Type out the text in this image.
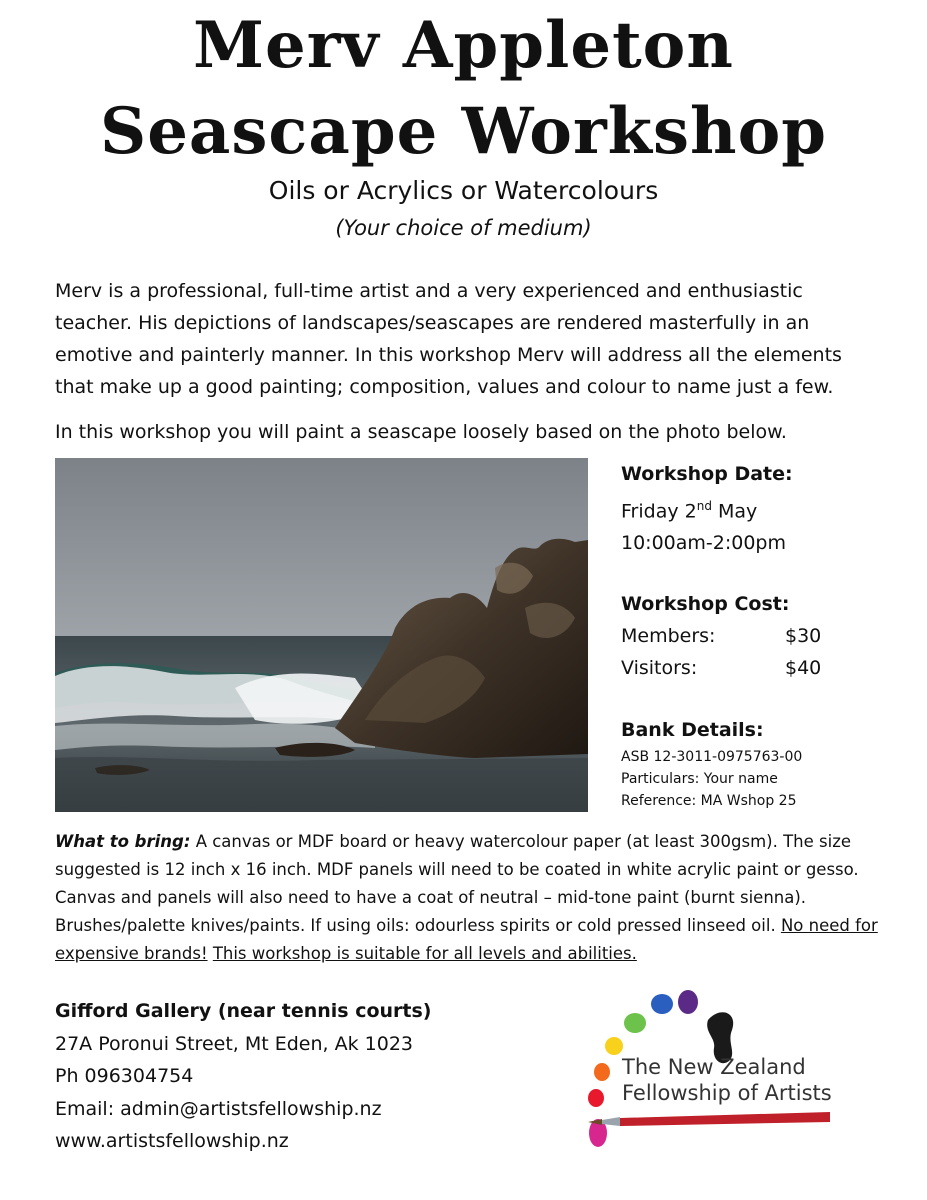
Merv Appleton
Seascape Workshop
Oils or Acrylics or Watercolours
(Your choice of medium)

Merv is a professional, full-time artist and a very experienced and enthusiastic teacher. His depictions of landscapes/seascapes are rendered masterfully in an emotive and painterly manner. In this workshop Merv will address all the elements that make up a good painting; composition, values and colour to name just a few.

In this workshop you will paint a seascape loosely based on the photo below.

Workshop Date:
Friday 2nd May
10:00am-2:00pm
Workshop Cost:
Members:	$30
Visitors:	$40
Bank Details:
ASB 12-3011-0975763-00
Particulars: Your name
Reference: MA Wshop 25

What to bring: A canvas or MDF board or heavy watercolour paper (at least 300gsm). The size suggested is 12 inch x 16 inch. MDF panels will need to be coated in white acrylic paint or gesso. Canvas and panels will also need to have a coat of neutral – mid-tone paint (burnt sienna). Brushes/palette knives/paints. If using oils: odourless spirits or cold pressed linseed oil. No need for expensive brands! This workshop is suitable for all levels and abilities.

Gifford Gallery (near tennis courts)
27A Poronui Street, Mt Eden, Ak 1023
Ph 096304754
Email: admin@artistsfellowship.nz
www.artistsfellowship.nz
The New Zealand
Fellowship of Artists
